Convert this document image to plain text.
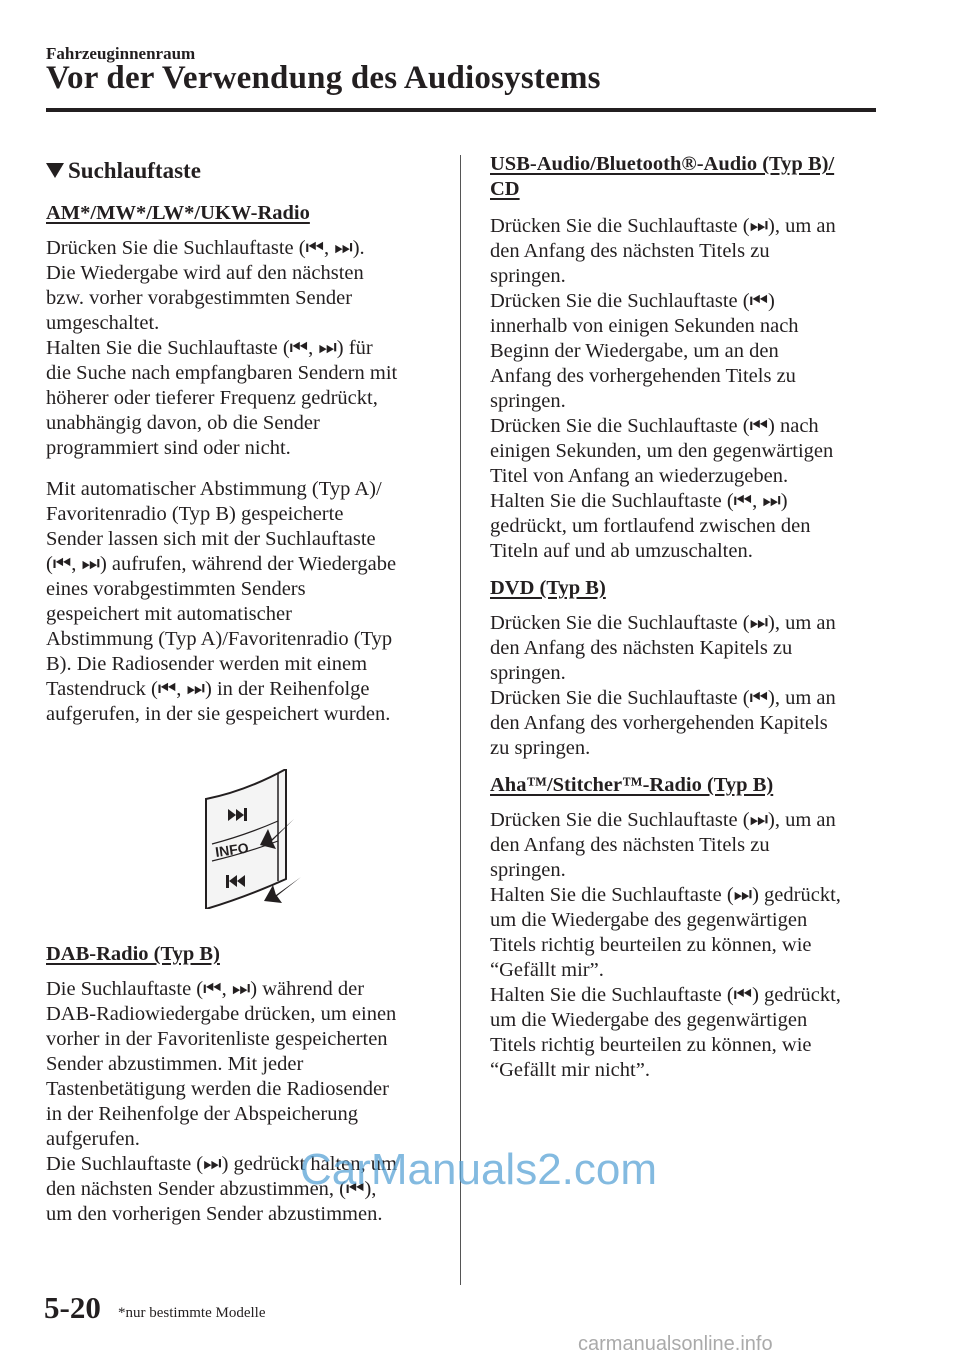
Fahrzeuginnenraum
Vor der Verwendung des Audiosystems
Suchlauftaste
AM*/MW*/LW*/UKW-Radio

Drücken Sie die Suchlauftaste (⏮, ⏭).

Die Wiedergabe wird auf den nächsten

bzw. vorher vorabgestimmten Sender

umgeschaltet.

Halten Sie die Suchlauftaste (⏮, ⏭) für

die Suche nach empfangbaren Sendern mit

höherer oder tieferer Frequenz gedrückt,

unabhängig davon, ob die Sender

programmiert sind oder nicht.

Mit automatischer Abstimmung (Typ A)/

Favoritenradio (Typ B) gespeicherte

Sender lassen sich mit der Suchlauftaste

(⏮, ⏭) aufrufen, während der Wiedergabe

eines vorabgestimmten Senders

gespeichert mit automatischer

Abstimmung (Typ A)/Favoritenradio (Typ

B). Die Radiosender werden mit einem

Tastendruck (⏮, ⏭) in der Reihenfolge

aufgerufen, in der sie gespeichert wurden.

INFO
DAB-Radio (Typ B)

Die Suchlauftaste (⏮, ⏭) während der

DAB-Radiowiedergabe drücken, um einen

vorher in der Favoritenliste gespeicherten

Sender abzustimmen. Mit jeder

Tastenbetätigung werden die Radiosender

in der Reihenfolge der Abspeicherung

aufgerufen.

Die Suchlauftaste (⏭) gedrückt halten, um

den nächsten Sender abzustimmen, (⏮),

um den vorherigen Sender abzustimmen.

USB-Audio/Bluetooth®-Audio (Typ B)/
CD

Drücken Sie die Suchlauftaste (⏭), um an

den Anfang des nächsten Titels zu

springen.

Drücken Sie die Suchlauftaste (⏮)

innerhalb von einigen Sekunden nach

Beginn der Wiedergabe, um an den

Anfang des vorhergehenden Titels zu

springen.

Drücken Sie die Suchlauftaste (⏮) nach

einigen Sekunden, um den gegenwärtigen

Titel von Anfang an wiederzugeben.

Halten Sie die Suchlauftaste (⏮, ⏭)

gedrückt, um fortlaufend zwischen den

Titeln auf und ab umzuschalten.

DVD (Typ B)

Drücken Sie die Suchlauftaste (⏭), um an

den Anfang des nächsten Kapitels zu

springen.

Drücken Sie die Suchlauftaste (⏮), um an

den Anfang des vorhergehenden Kapitels

zu springen.

Aha™/Stitcher™-Radio (Typ B)

Drücken Sie die Suchlauftaste (⏭), um an

den Anfang des nächsten Titels zu

springen.

Halten Sie die Suchlauftaste (⏭) gedrückt,

um die Wiedergabe des gegenwärtigen

Titels richtig beurteilen zu können, wie

“Gefällt mir”.

Halten Sie die Suchlauftaste (⏮) gedrückt,

um die Wiedergabe des gegenwärtigen

Titels richtig beurteilen zu können, wie

“Gefällt mir nicht”.

CarManuals2.com
5-20 *nur bestimmte Modelle
carmanualsonline.info
